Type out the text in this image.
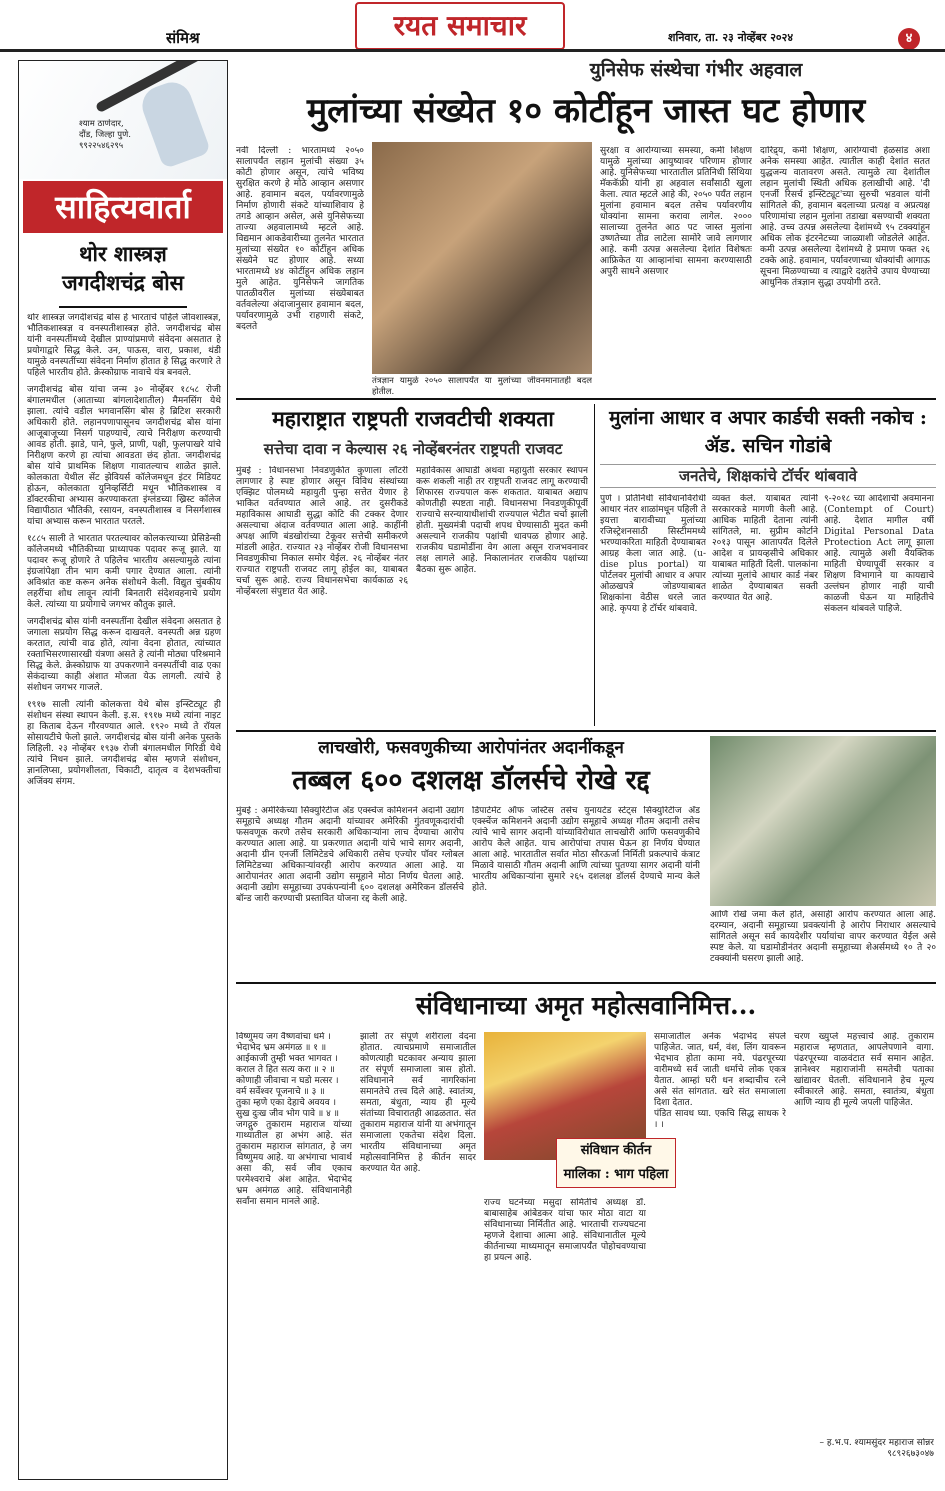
संमिश्र	रयत समाचार	शनिवार, ता. २३ नोव्हेंबर २०२४	४
श्याम ठाणेदार,
दौंड, जिल्हा पुणे.
९९२२५४६२९५
साहित्यवार्ता
थोर शास्त्रज्ञ
जगदीशचंद्र बोस

थोर शास्त्रज्ञ जगदीशचंद्र बोस हे भारताचे पहिले जीवशास्त्रज्ञ, भौतिकशास्त्रज्ञ व वनस्पतीशास्त्रज्ञ होते. जगदीशचंद्र बोस यांनी वनस्पतींमध्ये देखील प्राण्यांप्रमाणे संवेदना असतात हे प्रयोगाद्वारे सिद्ध केले. उन, पाऊस, वारा, प्रकाश, थंडी यामुळे वनस्पतींच्या संवेदना निर्माण होतात हे सिद्ध करणारे ते पहिले भारतीय होते. क्रेस्कोग्राफ नावाचे यंत्र बनवले.

जगदीशचंद्र बोस यांचा जन्म ३० नोव्हेंबर १८५८ रोजी बंगालमधील (आताच्या बांगलादेशातील) मैमनसिंग येथे झाला. त्यांचे वडील भगवानसिंग बोस हे ब्रिटिश सरकारी अधिकारी होते. लहानपणापासूनच जगदीशचंद्र बोस यांना आजूबाजूच्या निसर्ग पाहण्याचे, त्याचे निरीक्षण करण्याची आवड होती. झाडे, पाने, फुले, प्राणी, पक्षी, फुलपाखरे यांचे निरीक्षण करणे हा त्यांचा आवडता छंद होता. जगदीशचंद्र बोस यांचे प्राथमिक शिक्षण गावातल्याच शाळेत झाले. कोलकाता येथील सेंट झेवियर्स कॉलेजमधून इंटर मिडियट होऊन, कोलकाता युनिव्हर्सिटी मधून भौतिकशास्त्र व डॉक्टरकीचा अभ्यास करण्याकरता इंग्लंडच्या ख्रिस्ट कॉलेज विद्यापीठात भौतिकी, रसायन, वनस्पतीशास्त्र व निसर्गशास्त्र यांचा अभ्यास करून भारतात परतले.

१८८५ साली ते भारतात परतल्यावर कोलकत्त्याच्या प्रेसिडेन्सी कॉलेजमध्ये भौतिकीच्या प्राध्यापक पदावर रूजू झाले. या पदावर रूजू होणारे ते पहिलेच भारतीय असल्यामुळे त्यांना इंग्रजांपेक्षा तीन भाग कमी पगार देण्यात आला. त्यांनी अविश्रांत कष्ट करून अनेक संशोधने केली. विद्युत चुंबकीय लहरींचा शोध लावून त्यांनी बिनतारी संदेशवहनाचे प्रयोग केले. त्यांच्या या प्रयोगाचे जगभर कौतुक झाले.

जगदीशचंद्र बोस यांनी वनस्पतींना देखील संवेदना असतात हे जगाला सप्रयोग सिद्ध करून दाखवले. वनस्पती अन्न ग्रहण करतात, त्यांची वाढ होते, त्यांना वेदना होतात, त्यांच्यात रक्ताभिसरणासारखी यंत्रणा असते हे त्यांनी मोठ्या परिश्रमाने सिद्ध केले. क्रेस्कोग्राफ या उपकरणाने वनस्पतींची वाढ एका सेकंदाच्या काही अंशात मोजता येऊ लागली. त्यांचे हे संशोधन जगभर गाजले.

१९१७ साली त्यांनी कोलकत्ता येथे बोस इन्स्टिट्यूट ही संशोधन संस्था स्थापन केली. इ.स. १९१७ मध्ये त्यांना नाइट हा किताब देऊन गौरवण्यात आले. १९२० मध्ये ते रॉयल सोसायटीचे फेलो झाले. जगदीशचंद्र बोस यांनी अनेक पुस्तके लिहिली. २३ नोव्हेंबर १९३७ रोजी बंगालमधील गिरिडी येथे त्यांचे निधन झाले. जगदीशचंद्र बोस म्हणजे संशोधन, ज्ञानलिप्सा, प्रयोगशीलता, चिकाटी, दातृत्व व देशभक्तीचा अजिंक्य संगम.

युनिसेफ संस्थेचा गंभीर अहवाल
मुलांच्या संख्येत १० कोटींहून जास्त घट होणार
नवी दिल्ली : भारतामध्ये २०५० सालापर्यंत लहान मुलांची संख्या ३५ कोटी होणार असून, त्यांचे भविष्य सुरक्षित करणे हे मोठे आव्हान असणार आहे. हवामान बदल, पर्यावरणामुळे निर्माण होणारी संकटे यांच्याशिवाय हे तगडे आव्हान असेल, असे युनिसेफच्या ताज्या अहवालामध्ये म्हटले आहे. विद्यमान आकडेवारीच्या तुलनेत भारतात मुलांच्या संख्येत १० कोटींहून अधिक संख्येने घट होणार आहे. सध्या भारतामध्ये ४४ कोटींहून अधिक लहान मुले आहेत. युनिसेफने जागतिक पातळीवरील मुलांच्या संख्येबाबत वर्तवलेल्या अंदाजानुसार हवामान बदल, पर्यावरणामुळे उभी राहणारी संकटे, बदलते
तंत्रज्ञान यामुळे २०५० सालापर्यंत या मुलांच्या जीवनमानातही बदल होतील.
सुरक्षा व आरोग्याच्या समस्या, कमी शिक्षण यामुळे मुलांच्या आयुष्यावर परिणाम होणार आहे. युनिसेफच्या भारतातील प्रतिनिधी सिंथिया मॅककॅफ्री यांनी हा अहवाल सर्वांसाठी खुला केला. त्यात म्हटले आहे की, २०५० पर्यंत लहान मुलांना हवामान बदल तसेच पर्यावरणीय धोक्यांना सामना करावा लागेल. २००० सालाच्या तुलनेत आठ पट जास्त मुलांना उष्णतेच्या तीव्र लाटेला सामोरे जावे लागणार आहे. कमी उत्पन्न असलेल्या देशांत विशेषतः आफ्रिकेत या आव्हानांचा सामना करण्यासाठी अपुरी साधने असणार
दारिद्र्य, कमी शिक्षण, आरोग्याची हेळसांड अशा अनेक समस्या आहेत. त्यातील काही देशांत सतत युद्धजन्य वातावरण असते. त्यामुळे त्या देशांतील लहान मुलांची स्थिती अधिक हलाखीची आहे. 'दी एनर्जी रिसर्च इन्स्टिट्यूट'च्या सुरुची भडवाल यांनी सांगितले की, हवामान बदलाच्या प्रत्यक्ष व अप्रत्यक्ष परिणामांचा लहान मुलांना तडाखा बसण्याची शक्यता आहे. उच्च उत्पन्न असलेल्या देशांमध्ये ९५ टक्क्यांहून अधिक लोक इंटरनेटच्या जाळ्याशी जोडलेले आहेत. कमी उत्पन्न असलेल्या देशांमध्ये हे प्रमाण फक्त २६ टक्के आहे. हवामान, पर्यावरणाच्या धोक्यांची आगाऊ सूचना मिळण्याच्या व त्याद्वारे दक्षतेचे उपाय घेण्याच्या आधुनिक तंत्रज्ञान सुद्धा उपयोगी ठरते.
महाराष्ट्रात राष्ट्रपती राजवटीची शक्यता
सत्तेचा दावा न केल्यास २६ नोव्हेंबरनंतर राष्ट्रपती राजवट
मुंबई : विधानसभा निवडणुकीत कुणाला लॉटरी लागणार हे स्पष्ट होणार असून विविध संस्थांच्या एक्झिट पोलमध्ये महायुती पुन्हा सत्तेत येणार हे भाकित वर्तवण्यात आले आहे. तर दुसरीकडे महाविकास आघाडी सुद्धा कोटि की टक्कर देणार असल्याचा अंदाज वर्तवण्यात आला आहे. काहींनी अपक्ष आणि बंडखोरांच्या टेकूवर सत्तेची समीकरणे मांडली आहेत. राज्यात २३ नोव्हेंबर रोजी विधानसभा निवडणुकीचा निकाल समोर येईल. २६ नोव्हेंबर नंतर राज्यात राष्ट्रपती राजवट लागू होईल का, याबाबत चर्चा सुरू आहे. राज्य विधानसभेचा कार्यकाळ २६ नोव्हेंबरला संपुष्टात येत आहे.
महाविकास आघाडी अथवा महायुती सरकार स्थापन करू शकली नाही तर राष्ट्रपती राजवट लागू करण्याची शिफारस राज्यपाल करू शकतात. याबाबत अद्याप कोणतीही स्पष्टता नाही. विधानसभा निवडणुकीपूर्वी राज्याचे सरन्यायाधीशांची राज्यपाल भेटीत चर्चा झाली होती. मुख्यमंत्री पदाची शपथ घेण्यासाठी मुदत कमी असल्याने राजकीय पक्षांची धावपळ होणार आहे. राजकीय घडामोडींना वेग आला असून राजभवनावर लक्ष लागले आहे. निकालानंतर राजकीय पक्षांच्या बैठका सुरू आहेत.
मुलांना आधार व अपार कार्डची सक्ती नकोच : ॲड. सचिन गोडांबे
जनतेचे, शिक्षकांचे टॉर्चर थांबवावे
पुणे । प्रतिनिधी संविधानविरोधी आधार नंतर शाळांमधून पहिली ते इयत्ता बारावीच्या मुलांच्या रजिस्ट्रेशनसाठी सिस्टीममध्ये भरण्याकरिता माहिती देण्याबाबत आग्रह केला जात आहे. (u-dise plus portal) या पोर्टलवर मुलांची आधार व अपार ओळखपत्रे जोडण्याबाबत शिक्षकांना वेठीस धरले जात आहे. कृपया हे टॉर्चर थांबवावे.
व्यक्त केले. याबाबत त्यांनी सरकारकडे मागणी केली आहे. आधिक माहिती देताना त्यांनी सांगितले, मा. सुप्रीम कोर्टाने २०१३ पासून आतापर्यंत दिलेले आदेश व प्रायव्हसीचे अधिकार याबाबत माहिती दिली. पालकांना त्यांच्या मुलांचे आधार कार्ड नंबर शाळेत देण्याबाबत सक्ती करण्यात येत आहे.
९-२०१८ च्या आदेशाची अवमानना (Contempt of Court) आहे. देशात मागील वर्षी Digital Personal Data Protection Act लागू झाला आहे. त्यामुळे अशी वैयक्तिक माहिती घेण्यापूर्वी सरकार व शिक्षण विभागाने या कायद्याचे उल्लंघन होणार नाही याची काळजी घेऊन या माहितीचे संकलन थांबवले पाहिजे.
लाचखोरी, फसवणुकीच्या आरोपांनंतर अदानींकडून
तब्बल ६०० दशलक्ष डॉलर्सचे रोखे रद्द
मुंबई : अमेरिकेच्या सिक्युरिटीज अँड एक्स्चेंज कमिशनने अदानी उद्योग समूहाचे अध्यक्ष गौतम अदानी यांच्यावर अमेरिकी गुंतवणूकदारांची फसवणूक करणे तसेच सरकारी अधिकाऱ्यांना लाच देण्याचा आरोप करण्यात आला आहे. या प्रकरणात अदानी यांचे भाचे सागर अदानी, अदानी ग्रीन एनर्जी लिमिटेडचे अधिकारी तसेच एज्योर पॉवर ग्लोबल लिमिटेडच्या अधिकाऱ्यांवरही आरोप करण्यात आला आहे. या आरोपानंतर आता अदानी उद्योग समूहाने मोठा निर्णय घेतला आहे. अदानी उद्योग समूहाच्या उपकंपन्यांनी ६०० दशलक्ष अमेरिकन डॉलर्सचे बॉन्ड जारी करण्याची प्रस्तावित योजना रद्द केली आहे.
डिपार्टमेंट ऑफ जस्टिस तसेच युनायटेड स्टेट्स सिक्युरिटीज अँड एक्स्चेंज कमिशनने अदानी उद्योग समूहाचे अध्यक्ष गौतम अदानी तसेच त्यांचे भाचे सागर अदानी यांच्याविरोधात लाचखोरी आणि फसवणुकीचे आरोप केले आहेत. याच आरोपांचा तपास घेऊन हा निर्णय घेण्यात आला आहे. भारतातील सर्वात मोठा सौरऊर्जा निर्मिती प्रकल्पाचे कंत्राट मिळावे यासाठी गौतम अदानी आणि त्यांच्या पुतण्या सागर अदानी यांनी भारतीय अधिकाऱ्यांना सुमारे २६५ दशलक्ष डॉलर्स देण्याचे मान्य केले होते.
आणि रोखे जमा केले होते, असाही आरोप करण्यात आला आहे. दरम्यान, अदानी समूहाच्या प्रवक्त्यांनी हे आरोप निराधार असल्याचे सांगितले असून सर्व कायदेशीर पर्यायांचा वापर करण्यात येईल असे स्पष्ट केले. या घडामोडीनंतर अदानी समूहाच्या शेअर्समध्ये १० ते २० टक्क्यांनी घसरण झाली आहे.
संविधानाच्या अमृत महोत्सवानिमित्त...
विष्णुमय जग वैष्णवांचा धर्म ।
भेदाभेद भ्रम अमंगळ ॥ १ ॥
आईकाजी तुम्ही भक्त भागवत ।
कराल ते हित सत्य करा ॥ २ ॥
कोणाही जीवाचा न घडो मत्सर ।
वर्म सर्वेश्वर पूजनाचे ॥ ३ ॥
तुका म्हणे एका देहाचे अवयव ।
सुख दुःख जीव भोग पावे ॥ ४ ॥
जगद्गुरु तुकाराम महाराज यांच्या गाथ्यातील हा अभंग आहे. संत तुकाराम महाराज सांगतात, हे जग विष्णुमय आहे. या अभंगाचा भावार्थ असा की, सर्व जीव एकाच परमेश्वराचे अंश आहेत. भेदाभेद भ्रम अमंगळ आहे. संविधानानेही सर्वांना समान मानले आहे.
झाली तर संपूर्ण शरीराला वेदना होतात. त्याचप्रमाणे समाजातील कोणत्याही घटकावर अन्याय झाला तर संपूर्ण समाजाला त्रास होतो. संविधानाने सर्व नागरिकांना समानतेचे तत्त्व दिले आहे. स्वातंत्र्य, समता, बंधुता, न्याय ही मूल्ये संतांच्या विचारातही आढळतात. संत तुकाराम महाराज यांनी या अभंगातून समाजाला एकतेचा संदेश दिला. भारतीय संविधानाच्या अमृत महोत्सवानिमित्त हे कीर्तन सादर करण्यात येत आहे.
संविधान कीर्तन
मालिका : भाग पहिला
राज्य घटनेच्या मसुदा समितीचे अध्यक्ष डॉ. बाबासाहेब आंबेडकर यांचा फार मोठा वाटा या संविधानाच्या निर्मितीत आहे. भारताची राज्यघटना म्हणजे देशाचा आत्मा आहे. संविधानातील मूल्ये कीर्तनाच्या माध्यमातून समाजापर्यंत पोहोचवण्याचा हा प्रयत्न आहे.
समाजातील अनेक भेदाभेद संपले पाहिजेत. जात, धर्म, वंश, लिंग यावरून भेदभाव होता कामा नये. पंढरपूरच्या वारीमध्ये सर्व जाती धर्माचे लोक एकत्र येतात. आम्हां घरी धन शब्दाचीच रत्ने असे संत सांगतात. खरे संत समाजाला दिशा देतात.
पंडित सावध घ्या. एकचि सिद्ध साधक रे । ।
चरण ख्युप्ले महत्त्वाचे आहे. तुकाराम महाराज म्हणतात, आपलेपणाने वागा. पंढरपूरच्या वाळवंटात सर्व समान आहेत. ज्ञानेश्वर महाराजांनी समतेची पताका खांद्यावर घेतली. संविधानाने हेच मूल्य स्वीकारले आहे. समता, स्वातंत्र्य, बंधुता आणि न्याय ही मूल्ये जपली पाहिजेत.
– ह.भ.प. श्यामसुंदर महाराज सोन्नर
९८९२६७३०४७
